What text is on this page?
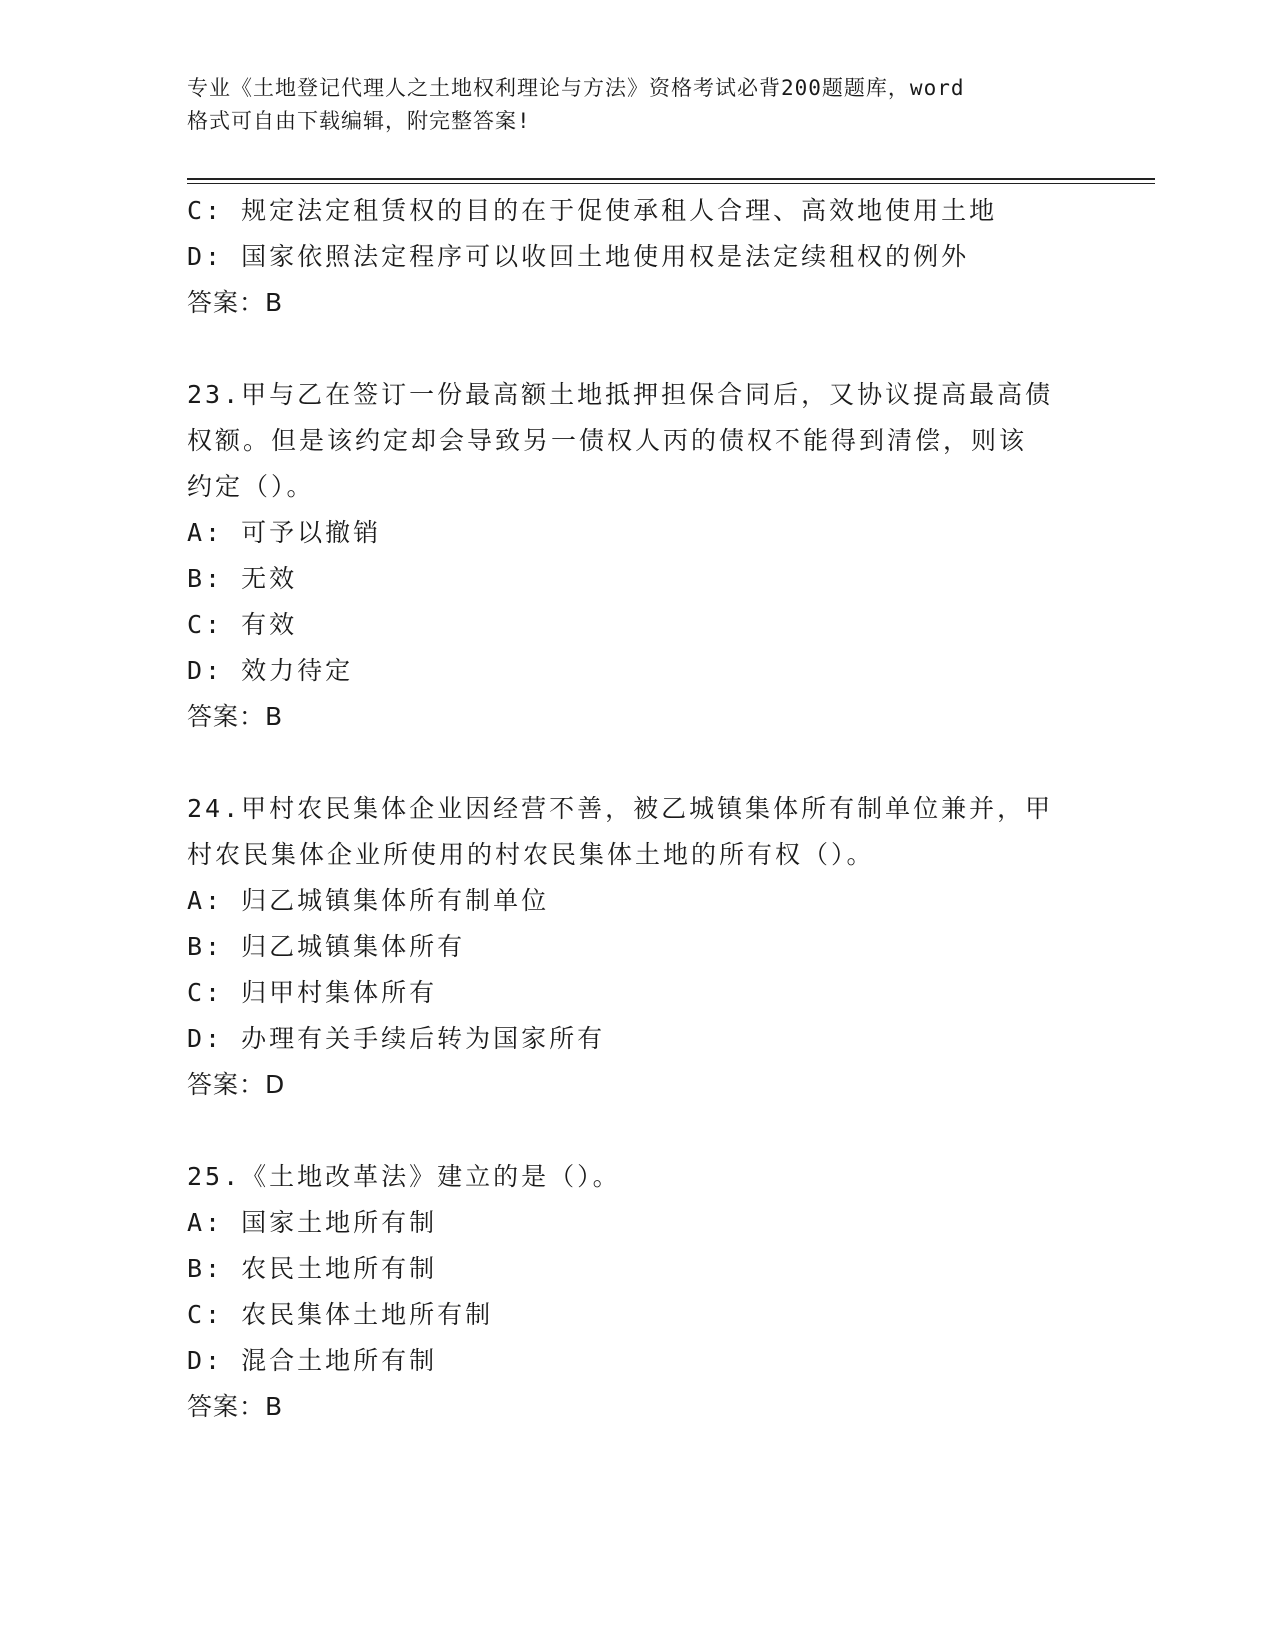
专业《土地登记代理人之土地权利理论与方法》资格考试必背200题题库，word
格式可自由下载编辑，附完整答案!
C: 规定法定租赁权的目的在于促使承租人合理、高效地使用土地
D: 国家依照法定程序可以收回土地使用权是法定续租权的例外
答案：B
23.甲与乙在签订一份最高额土地抵押担保合同后，又协议提高最高债
权额。但是该约定却会导致另一债权人丙的债权不能得到清偿，则该
约定（）。
A: 可予以撤销
B: 无效
C: 有效
D: 效力待定
答案：B
24.甲村农民集体企业因经营不善，被乙城镇集体所有制单位兼并，甲
村农民集体企业所使用的村农民集体土地的所有权（）。
A: 归乙城镇集体所有制单位
B: 归乙城镇集体所有
C: 归甲村集体所有
D: 办理有关手续后转为国家所有
答案：D
25.《土地改革法》建立的是（）。
A: 国家土地所有制
B: 农民土地所有制
C: 农民集体土地所有制
D: 混合土地所有制
答案：B
